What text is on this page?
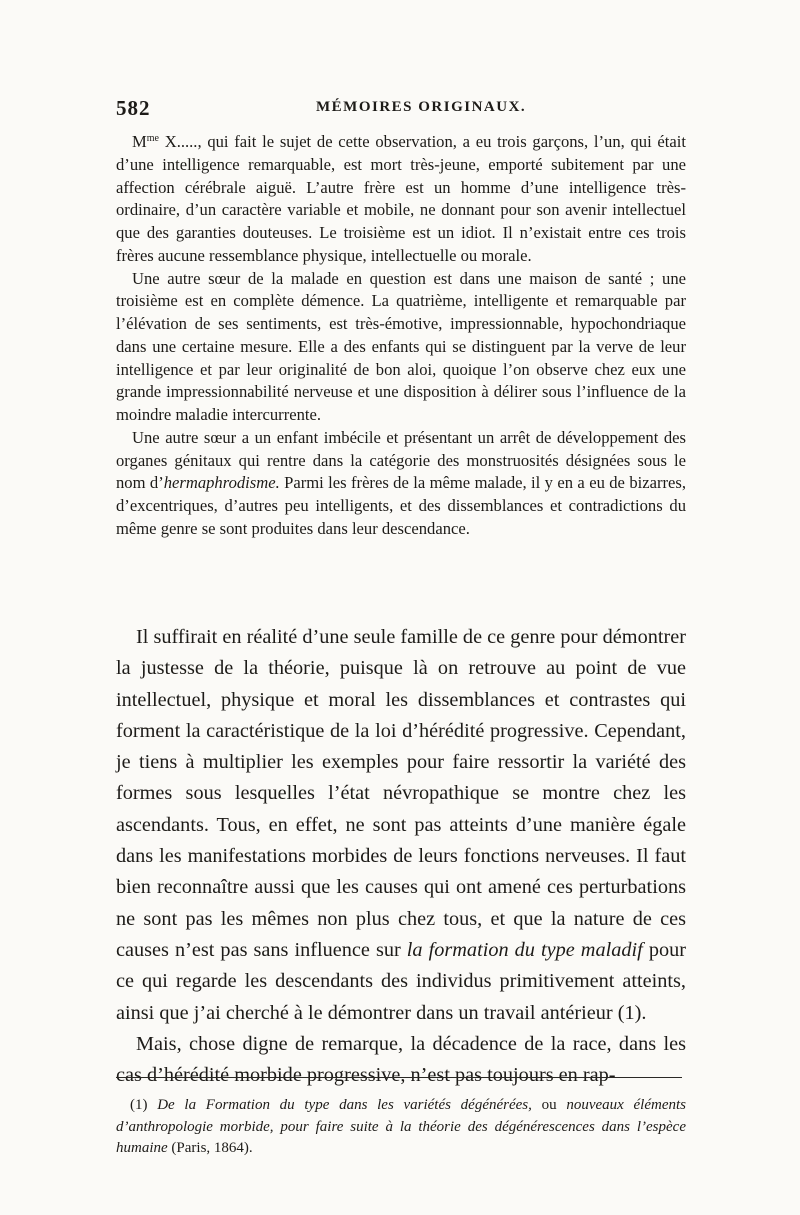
582	MÉMOIRES ORIGINAUX.

$M^{me}$ X....., qui fait le sujet de cette observation, a eu trois garçons, l’un, qui était d’une intelligence remarquable, est mort très-jeune, emporté subitement par une affection cérébrale aiguë. L’autre frère est un homme d’une intelligence très-ordinaire, d’un caractère variable et mobile, ne donnant pour son avenir intellectuel que des garanties douteuses. Le troisième est un idiot. Il n’existait entre ces trois frères aucune ressemblance physique, intellectuelle ou morale.

Une autre sœur de la malade en question est dans une maison de santé ; une troisième est en complète démence. La quatrième, intelligente et remarquable par l’élévation de ses sentiments, est très-émotive, impressionnable, hypochondriaque dans une certaine mesure. Elle a des enfants qui se distinguent par la verve de leur intelligence et par leur originalité de bon aloi, quoique l’on observe chez eux une grande impressionnabilité nerveuse et une disposition à délirer sous l’influence de la moindre maladie intercurrente.

Une autre sœur a un enfant imbécile et présentant un arrêt de développement des organes génitaux qui rentre dans la catégorie des monstruosités désignées sous le nom d’hermaphrodisme. Parmi les frères de la même malade, il y en a eu de bizarres, d’excentriques, d’autres peu intelligents, et des dissemblances et contradictions du même genre se sont produites dans leur descendance.

Il suffirait en réalité d’une seule famille de ce genre pour démontrer la justesse de la théorie, puisque là on retrouve au point de vue intellectuel, physique et moral les dissemblances et contrastes qui forment la caractéristique de la loi d’hérédité progressive. Cependant, je tiens à multiplier les exemples pour faire ressortir la variété des formes sous lesquelles l’état névropathique se montre chez les ascendants. Tous, en effet, ne sont pas atteints d’une manière égale dans les manifestations morbides de leurs fonctions nerveuses. Il faut bien reconnaître aussi que les causes qui ont amené ces perturbations ne sont pas les mêmes non plus chez tous, et que la nature de ces causes n’est pas sans influence sur la formation du type maladif pour ce qui regarde les descendants des individus primitivement atteints, ainsi que j’ai cherché à le démontrer dans un travail antérieur (1).

Mais, chose digne de remarque, la décadence de la race, dans les cas d’hérédité morbide progressive, n’est pas toujours en rap-

(1) De la Formation du type dans les variétés dégénérées, ou nouveaux éléments d’anthropologie morbide, pour faire suite à la théorie des dégénérescences dans l’espèce humaine (Paris, 1864).
